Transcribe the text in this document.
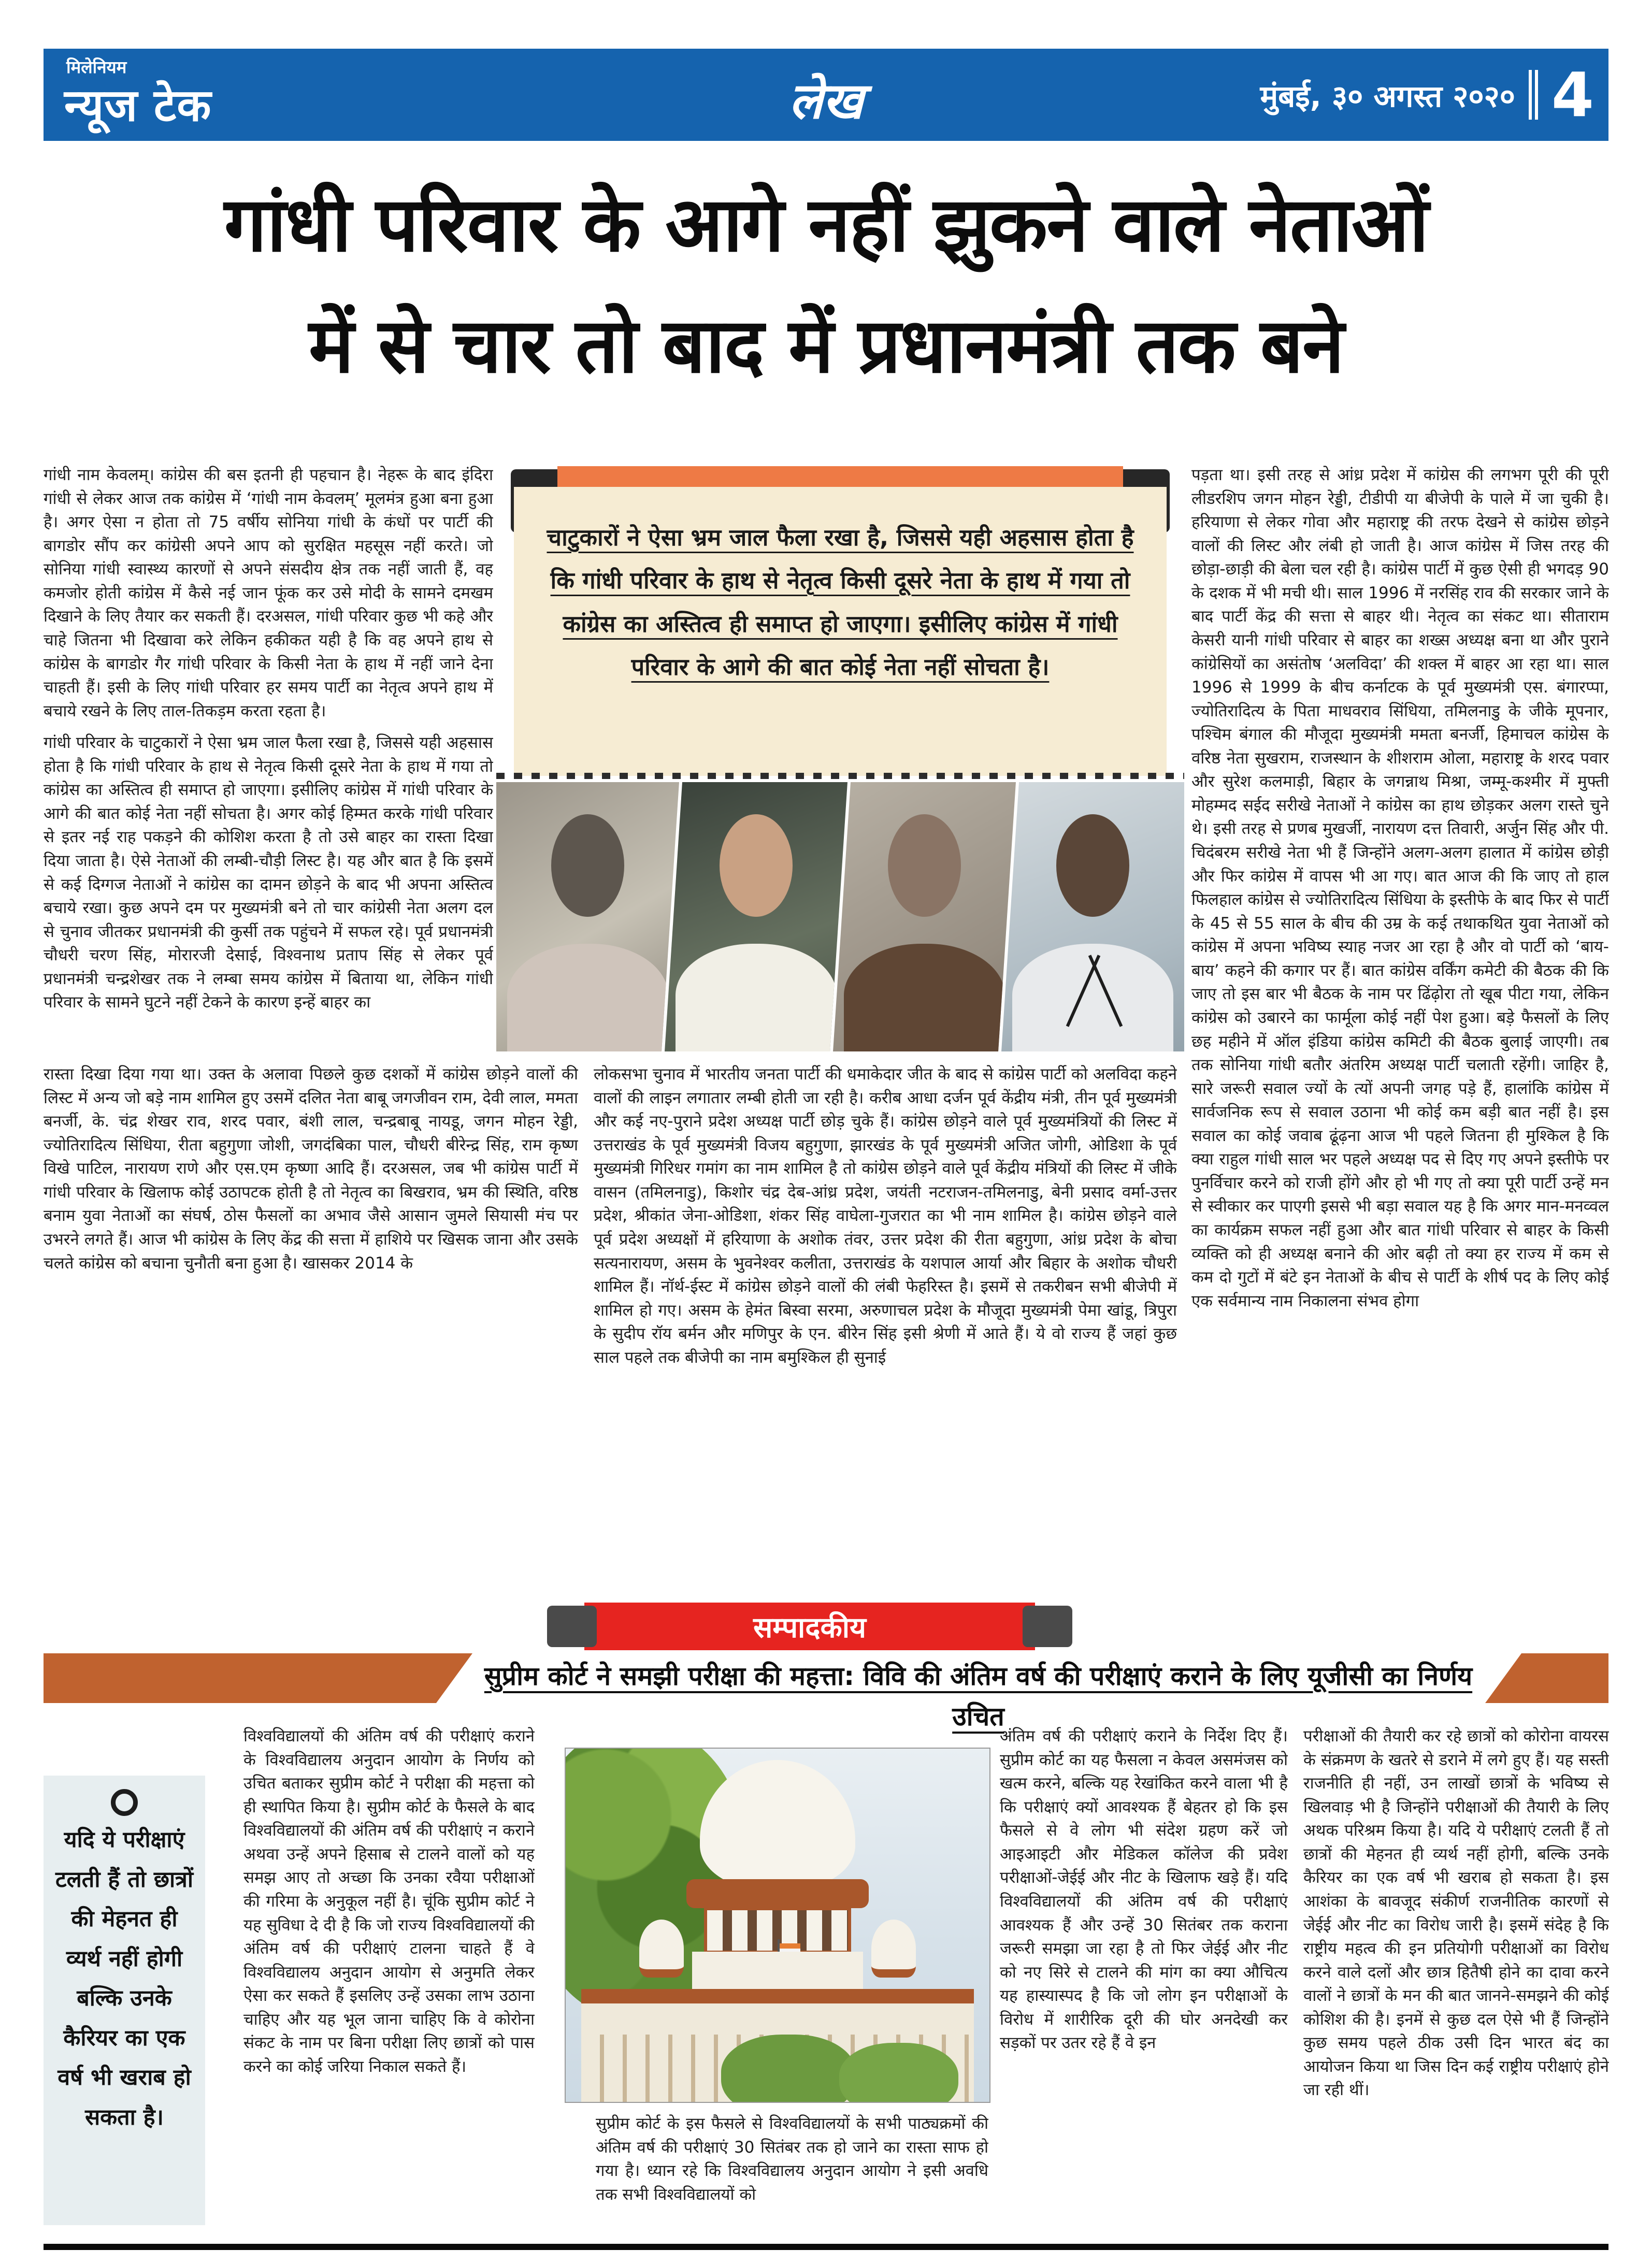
मिलेनियम
न्यूज टेक	लेख	मुंबई, ३० अगस्त २०२० 4
गांधी परिवार के आगे नहीं झुकने वाले नेताओं
में से चार तो बाद में प्रधानमंत्री तक बने

गांधी नाम केवलम्। कांग्रेस की बस इतनी ही पहचान है। नेहरू के बाद इंदिरा गांधी से लेकर आज तक कांग्रेस में ‘गांधी नाम केवलम्’ मूलमंत्र हुआ बना हुआ है। अगर ऐसा न होता तो 75 वर्षीय सोनिया गांधी के कंधों पर पार्टी की बागडोर सौंप कर कांग्रेसी अपने आप को सुरक्षित महसूस नहीं करते। जो सोनिया गांधी स्वास्थ्य कारणों से अपने संसदीय क्षेत्र तक नहीं जाती हैं, वह कमजोर होती कांग्रेस में कैसे नई जान फूंक कर उसे मोदी के सामने दमखम दिखाने के लिए तैयार कर सकती हैं। दरअसल, गांधी परिवार कुछ भी कहे और चाहे जितना भी दिखावा करे लेकिन हकीकत यही है कि वह अपने हाथ से कांग्रेस के बागडोर गैर गांधी परिवार के किसी नेता के हाथ में नहीं जाने देना चाहती हैं। इसी के लिए गांधी परिवार हर समय पार्टी का नेतृत्व अपने हाथ में बचाये रखने के लिए ताल-तिकड़म करता रहता है।

गांधी परिवार के चाटुकारों ने ऐसा भ्रम जाल फैला रखा है, जिससे यही अहसास होता है कि गांधी परिवार के हाथ से नेतृत्व किसी दूसरे नेता के हाथ में गया तो कांग्रेस का अस्तित्व ही समाप्त हो जाएगा। इसीलिए कांग्रेस में गांधी परिवार के आगे की बात कोई नेता नहीं सोचता है। अगर कोई हिम्मत करके गांधी परिवार से इतर नई राह पकड़ने की कोशिश करता है तो उसे बाहर का रास्ता दिखा दिया जाता है। ऐसे नेताओं की लम्बी-चौड़ी लिस्ट है। यह और बात है कि इसमें से कई दिग्गज नेताओं ने कांग्रेस का दामन छोड़ने के बाद भी अपना अस्तित्व बचाये रखा। कुछ अपने दम पर मुख्यमंत्री बने तो चार कांग्रेसी नेता अलग दल से चुनाव जीतकर प्रधानमंत्री की कुर्सी तक पहुंचने में सफल रहे। पूर्व प्रधानमंत्री चौधरी चरण सिंह, मोरारजी देसाई, विश्वनाथ प्रताप सिंह से लेकर पूर्व प्रधानमंत्री चन्द्रशेखर तक ने लम्बा समय कांग्रेस में बिताया था, लेकिन गांधी परिवार के सामने घुटने नहीं टेकने के कारण इन्हें बाहर का

चाटुकारों ने ऐसा भ्रम जाल फैला रखा है, जिससे यही अहसास होता है कि गांधी परिवार के हाथ से नेतृत्व किसी दूसरे नेता के हाथ में गया तो कांग्रेस का अस्तित्व ही समाप्त हो जाएगा। इसीलिए कांग्रेस में गांधी परिवार के आगे की बात कोई नेता नहीं सोचता है।
रास्ता दिखा दिया गया था। उक्त के अलावा पिछले कुछ दशकों में कांग्रेस छोड़ने वालों की लिस्ट में अन्य जो बड़े नाम शामिल हुए उसमें दलित नेता बाबू जगजीवन राम, देवी लाल, ममता बनर्जी, के. चंद्र शेखर राव, शरद पवार, बंशी लाल, चन्द्रबाबू नायडू, जगन मोहन रेड्डी, ज्योतिरादित्य सिंधिया, रीता बहुगुणा जोशी, जगदंबिका पाल, चौधरी बीरेन्द्र सिंह, राम कृष्ण विखे पाटिल, नारायण राणे और एस.एम कृष्णा आदि हैं। दरअसल, जब भी कांग्रेस पार्टी में गांधी परिवार के खिलाफ कोई उठापटक होती है तो नेतृत्व का बिखराव, भ्रम की स्थिति, वरिष्ठ बनाम युवा नेताओं का संघर्ष, ठोस फैसलों का अभाव जैसे आसान जुमले सियासी मंच पर उभरने लगते हैं। आज भी कांग्रेस के लिए केंद्र की सत्ता में हाशिये पर खिसक जाना और उसके चलते कांग्रेस को बचाना चुनौती बना हुआ है। खासकर 2014 के
लोकसभा चुनाव में भारतीय जनता पार्टी की धमाकेदार जीत के बाद से कांग्रेस पार्टी को अलविदा कहने वालों की लाइन लगातार लम्बी होती जा रही है। करीब आधा दर्जन पूर्व केंद्रीय मंत्री, तीन पूर्व मुख्यमंत्री और कई नए-पुराने प्रदेश अध्यक्ष पार्टी छोड़ चुके हैं। कांग्रेस छोड़ने वाले पूर्व मुख्यमंत्रियों की लिस्ट में उत्तराखंड के पूर्व मुख्यमंत्री विजय बहुगुणा, झारखंड के पूर्व मुख्यमंत्री अजित जोगी, ओडिशा के पूर्व मुख्यमंत्री गिरिधर गमांग का नाम शामिल है तो कांग्रेस छोड़ने वाले पूर्व केंद्रीय मंत्रियों की लिस्ट में जीके वासन (तमिलनाडु), किशोर चंद्र देब-आंध्र प्रदेश, जयंती नटराजन-तमिलनाडु, बेनी प्रसाद वर्मा-उत्तर प्रदेश, श्रीकांत जेना-ओडिशा, शंकर सिंह वाघेला-गुजरात का भी नाम शामिल है। कांग्रेस छोड़ने वाले पूर्व प्रदेश अध्यक्षों में हरियाणा के अशोक तंवर, उत्तर प्रदेश की रीता बहुगुणा, आंध्र प्रदेश के बोचा सत्यनारायण, असम के भुवनेश्वर कलीता, उत्तराखंड के यशपाल आर्या और बिहार के अशोक चौधरी शामिल हैं। नॉर्थ-ईस्ट में कांग्रेस छोड़ने वालों की लंबी फेहरिस्त है। इसमें से तकरीबन सभी बीजेपी में शामिल हो गए। असम के हेमंत बिस्वा सरमा, अरुणाचल प्रदेश के मौजूदा मुख्यमंत्री पेमा खांडू, त्रिपुरा के सुदीप रॉय बर्मन और मणिपुर के एन. बीरेन सिंह इसी श्रेणी में आते हैं। ये वो राज्य हैं जहां कुछ साल पहले तक बीजेपी का नाम बमुश्किल ही सुनाई
पड़ता था। इसी तरह से आंध्र प्रदेश में कांग्रेस की लगभग पूरी की पूरी लीडरशिप जगन मोहन रेड्डी, टीडीपी या बीजेपी के पाले में जा चुकी है। हरियाणा से लेकर गोवा और महाराष्ट्र की तरफ देखने से कांग्रेस छोड़ने वालों की लिस्ट और लंबी हो जाती है। आज कांग्रेस में जिस तरह की छोड़ा-छाड़ी की बेला चल रही है। कांग्रेस पार्टी में कुछ ऐसी ही भगदड़ 90 के दशक में भी मची थी। साल 1996 में नरसिंह राव की सरकार जाने के बाद पार्टी केंद्र की सत्ता से बाहर थी। नेतृत्व का संकट था। सीताराम केसरी यानी गांधी परिवार से बाहर का शख्स अध्यक्ष बना था और पुराने कांग्रेसियों का असंतोष ‘अलविदा’ की शक्ल में बाहर आ रहा था। साल 1996 से 1999 के बीच कर्नाटक के पूर्व मुख्यमंत्री एस. बंगारप्पा, ज्योतिरादित्य के पिता माधवराव सिंधिया, तमिलनाडु के जीके मूपनार, पश्चिम बंगाल की मौजूदा मुख्यमंत्री ममता बनर्जी, हिमाचल कांग्रेस के वरिष्ठ नेता सुखराम, राजस्थान के शीशराम ओला, महाराष्ट्र के शरद पवार और सुरेश कलमाड़ी, बिहार के जगन्नाथ मिश्रा, जम्मू-कश्मीर में मुफ्ती मोहम्मद सईद सरीखे नेताओं ने कांग्रेस का हाथ छोड़कर अलग रास्ते चुने थे। इसी तरह से प्रणब मुखर्जी, नारायण दत्त तिवारी, अर्जुन सिंह और पी. चिदंबरम सरीखे नेता भी हैं जिन्होंने अलग-अलग हालात में कांग्रेस छोड़ी और फिर कांग्रेस में वापस भी आ गए। बात आज की कि जाए तो हाल फिलहाल कांग्रेस से ज्योतिरादित्य सिंधिया के इस्तीफे के बाद फिर से पार्टी के 45 से 55 साल के बीच की उम्र के कई तथाकथित युवा नेताओं को कांग्रेस में अपना भविष्य स्याह नजर आ रहा है और वो पार्टी को ‘बाय-बाय’ कहने की कगार पर हैं। बात कांग्रेस वर्किंग कमेटी की बैठक की कि जाए तो इस बार भी बैठक के नाम पर ढिंढ़ोरा तो खूब पीटा गया, लेकिन कांग्रेस को उबारने का फार्मूला कोई नहीं पेश हुआ। बड़े फैसलों के लिए छह महीने में ऑल इंडिया कांग्रेस कमिटी की बैठक बुलाई जाएगी। तब तक सोनिया गांधी बतौर अंतरिम अध्यक्ष पार्टी चलाती रहेंगी। जाहिर है, सारे जरूरी सवाल ज्यों के त्यों अपनी जगह पड़े हैं, हालांकि कांग्रेस में सार्वजनिक रूप से सवाल उठाना भी कोई कम बड़ी बात नहीं है। इस सवाल का कोई जवाब ढूंढ़ना आज भी पहले जितना ही मुश्किल है कि क्या राहुल गांधी साल भर पहले अध्यक्ष पद से दिए गए अपने इस्तीफे पर पुनर्विचार करने को राजी होंगे और हो भी गए तो क्या पूरी पार्टी उन्हें मन से स्वीकार कर पाएगी इससे भी बड़ा सवाल यह है कि अगर मान-मनव्वल का कार्यक्रम सफल नहीं हुआ और बात गांधी परिवार से बाहर के किसी व्यक्ति को ही अध्यक्ष बनाने की ओर बढ़ी तो क्या हर राज्य में कम से कम दो गुटों में बंटे इन नेताओं के बीच से पार्टी के शीर्ष पद के लिए कोई एक सर्वमान्य नाम निकालना संभव होगा
सम्पादकीय
सुप्रीम कोर्ट ने समझी परीक्षा की महत्ता: विवि की अंतिम वर्ष की परीक्षाएं कराने के लिए यूजीसी का निर्णय उचित
यदि ये परीक्षाएं टलती हैं तो छात्रों की मेहनत ही व्यर्थ नहीं होगी बल्कि उनके कैरियर का एक वर्ष भी खराब हो सकता है।
विश्वविद्यालयों की अंतिम वर्ष की परीक्षाएं कराने के विश्वविद्यालय अनुदान आयोग के निर्णय को उचित बताकर सुप्रीम कोर्ट ने परीक्षा की महत्ता को ही स्थापित किया है। सुप्रीम कोर्ट के फैसले के बाद विश्वविद्यालयों की अंतिम वर्ष की परीक्षाएं न कराने अथवा उन्हें अपने हिसाब से टालने वालों को यह समझ आए तो अच्छा कि उनका रवैया परीक्षाओं की गरिमा के अनुकूल नहीं है। चूंकि सुप्रीम कोर्ट ने यह सुविधा दे दी है कि जो राज्य विश्वविद्यालयों की अंतिम वर्ष की परीक्षाएं टालना चाहते हैं वे विश्वविद्यालय अनुदान आयोग से अनुमति लेकर ऐसा कर सकते हैं इसलिए उन्हें उसका लाभ उठाना चाहिए और यह भूल जाना चाहिए कि वे कोरोना संकट के नाम पर बिना परीक्षा लिए छात्रों को पास करने का कोई जरिया निकाल सकते हैं।
सुप्रीम कोर्ट के इस फैसले से विश्वविद्यालयों के सभी पाठ्यक्रमों की अंतिम वर्ष की परीक्षाएं 30 सितंबर तक हो जाने का रास्ता साफ हो गया है। ध्यान रहे कि विश्वविद्यालय अनुदान आयोग ने इसी अवधि तक सभी विश्वविद्यालयों को
अंतिम वर्ष की परीक्षाएं कराने के निर्देश दिए हैं। सुप्रीम कोर्ट का यह फैसला न केवल असमंजस को खत्म करने, बल्कि यह रेखांकित करने वाला भी है कि परीक्षाएं क्यों आवश्यक हैं बेहतर हो कि इस फैसले से वे लोग भी संदेश ग्रहण करें जो आइआइटी और मेडिकल कॉलेज की प्रवेश परीक्षाओं-जेईई और नीट के खिलाफ खड़े हैं। यदि विश्वविद्यालयों की अंतिम वर्ष की परीक्षाएं आवश्यक हैं और उन्हें 30 सितंबर तक कराना जरूरी समझा जा रहा है तो फिर जेईई और नीट को नए सिरे से टालने की मांग का क्या औचित्य यह हास्यास्पद है कि जो लोग इन परीक्षाओं के विरोध में शारीरिक दूरी की घोर अनदेखी कर सड़कों पर उतर रहे हैं वे इन
परीक्षाओं की तैयारी कर रहे छात्रों को कोरोना वायरस के संक्रमण के खतरे से डराने में लगे हुए हैं। यह सस्ती राजनीति ही नहीं, उन लाखों छात्रों के भविष्य से खिलवाड़ भी है जिन्होंने परीक्षाओं की तैयारी के लिए अथक परिश्रम किया है। यदि ये परीक्षाएं टलती हैं तो छात्रों की मेहनत ही व्यर्थ नहीं होगी, बल्कि उनके कैरियर का एक वर्ष भी खराब हो सकता है। इस आशंका के बावजूद संकीर्ण राजनीतिक कारणों से जेईई और नीट का विरोध जारी है। इसमें संदेह है कि राष्ट्रीय महत्व की इन प्रतियोगी परीक्षाओं का विरोध करने वाले दलों और छात्र हितैषी होने का दावा करने वालों ने छात्रों के मन की बात जानने-समझने की कोई कोशिश की है। इनमें से कुछ दल ऐसे भी हैं जिन्होंने कुछ समय पहले ठीक उसी दिन भारत बंद का आयोजन किया था जिस दिन कई राष्ट्रीय परीक्षाएं होने जा रही थीं।
